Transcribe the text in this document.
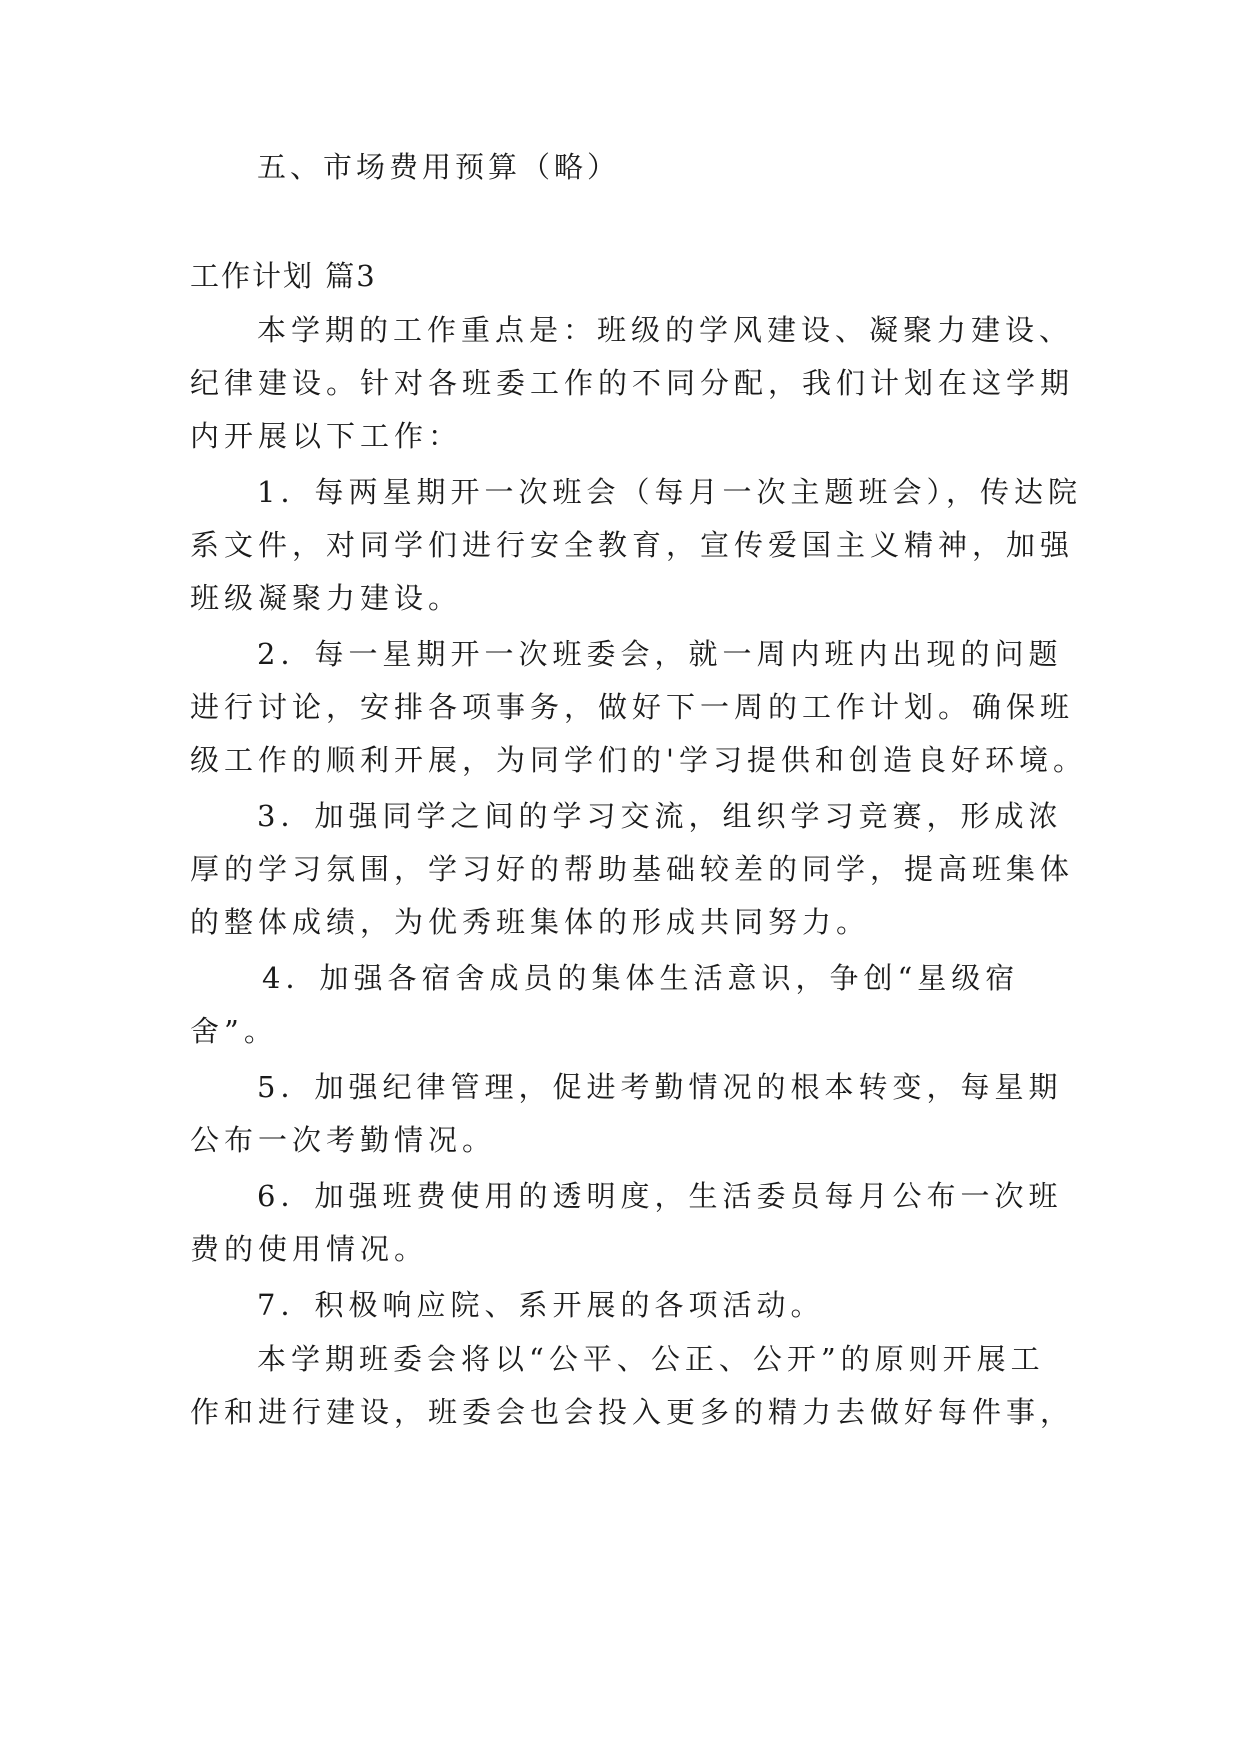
五、市场费用预算（略）
工作计划 篇3
本学期的工作重点是：班级的学风建设、凝聚力建设、
纪律建设。针对各班委工作的不同分配，我们计划在这学期
内开展以下工作：
1．每两星期开一次班会（每月一次主题班会），传达院
系文件，对同学们进行安全教育，宣传爱国主义精神，加强
班级凝聚力建设。
2．每一星期开一次班委会，就一周内班内出现的问题
进行讨论，安排各项事务，做好下一周的工作计划。确保班
级工作的顺利开展，为同学们的'学习提供和创造良好环境。
3．加强同学之间的学习交流，组织学习竞赛，形成浓
厚的学习氛围，学习好的帮助基础较差的同学，提高班集体
的整体成绩，为优秀班集体的形成共同努力。
4．加强各宿舍成员的集体生活意识，争创“星级宿
舍”。
5．加强纪律管理，促进考勤情况的根本转变，每星期
公布一次考勤情况。
6．加强班费使用的透明度，生活委员每月公布一次班
费的使用情况。
7．积极响应院、系开展的各项活动。
本学期班委会将以“公平、公正、公开”的原则开展工
作和进行建设，班委会也会投入更多的精力去做好每件事，
